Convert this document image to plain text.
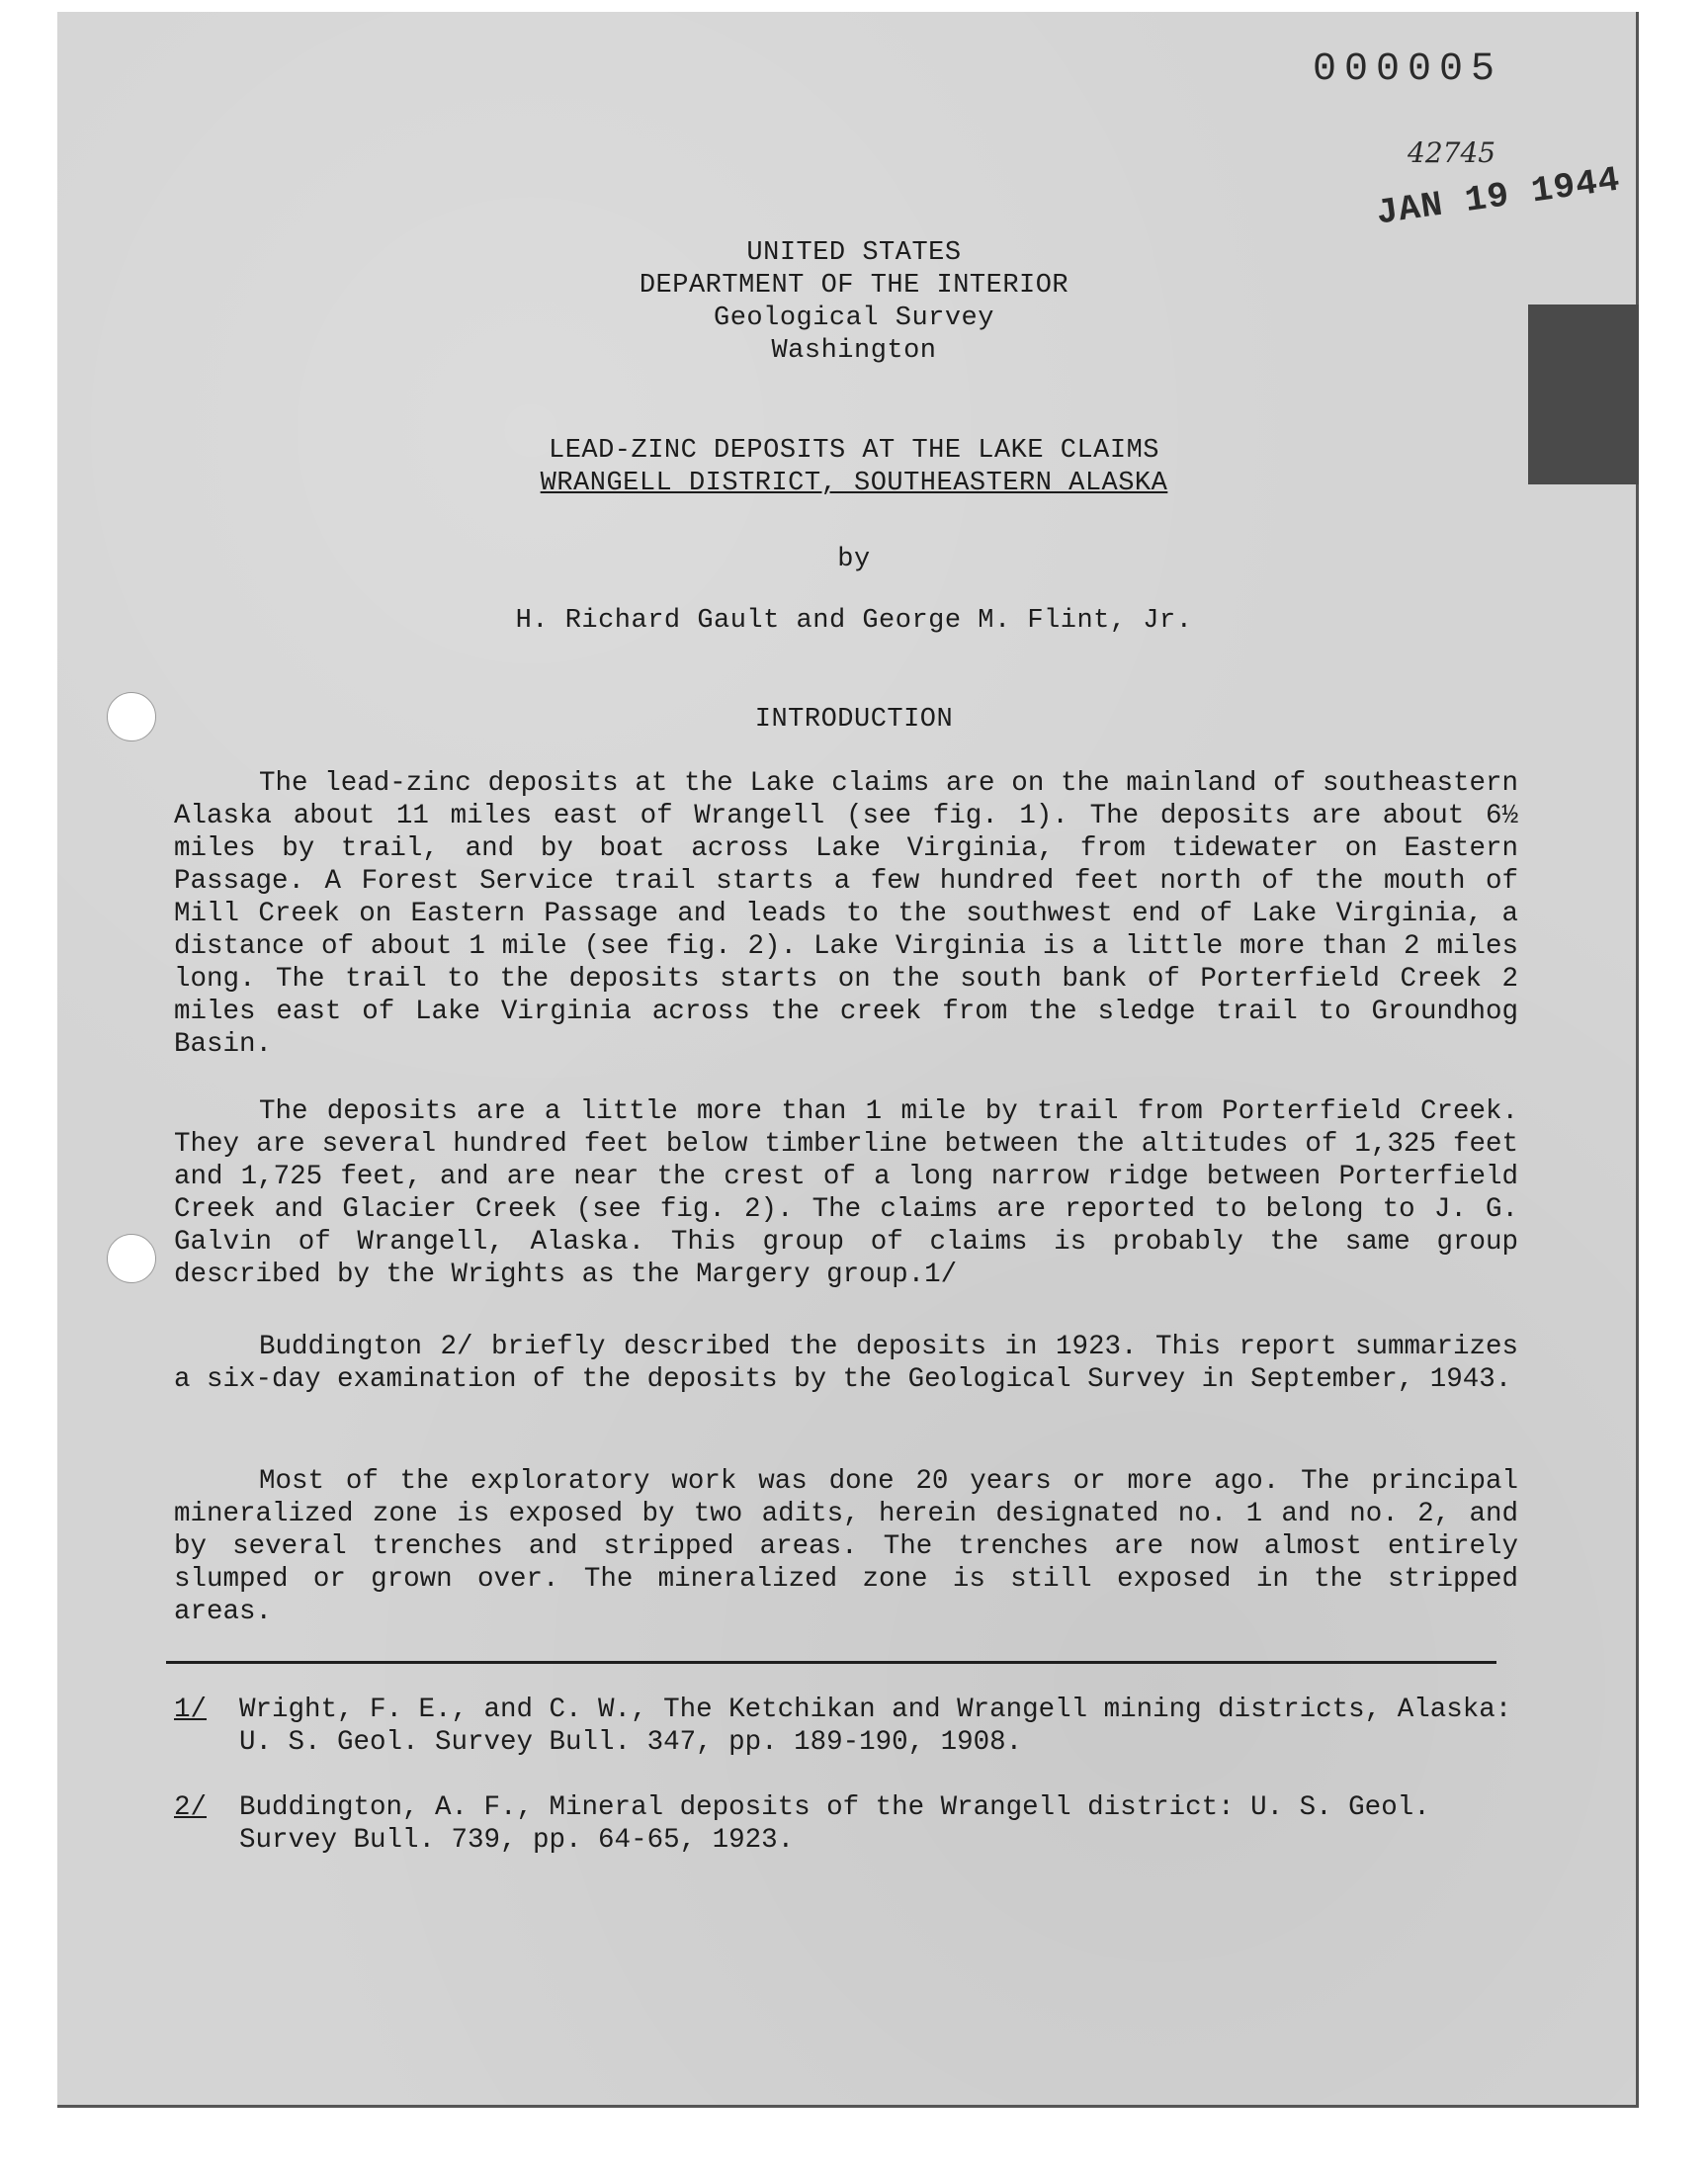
000005
42745
JAN 19 1944
UNITED STATES
DEPARTMENT OF THE INTERIOR
Geological Survey
Washington
LEAD-ZINC DEPOSITS AT THE LAKE CLAIMS
WRANGELL DISTRICT, SOUTHEASTERN ALASKA
by
H. Richard Gault and George M. Flint, Jr.
INTRODUCTION

The lead-zinc deposits at the Lake claims are on the mainland of southeastern Alaska about 11 miles east of Wrangell (see fig. 1). The deposits are about 6½ miles by trail, and by boat across Lake Virginia, from tidewater on Eastern Passage. A Forest Service trail starts a few hundred feet north of the mouth of Mill Creek on Eastern Passage and leads to the southwest end of Lake Virginia, a distance of about 1 mile (see fig. 2). Lake Virginia is a little more than 2 miles long. The trail to the deposits starts on the south bank of Porterfield Creek 2 miles east of Lake Virginia across the creek from the sledge trail to Groundhog Basin.

The deposits are a little more than 1 mile by trail from Porterfield Creek. They are several hundred feet below timberline between the altitudes of 1,325 feet and 1,725 feet, and are near the crest of a long narrow ridge between Porterfield Creek and Glacier Creek (see fig. 2). The claims are reported to belong to J. G. Galvin of Wrangell, Alaska. This group of claims is probably the same group described by the Wrights as the Margery group.1/

Buddington 2/ briefly described the deposits in 1923. This report summarizes a six-day examination of the deposits by the Geological Survey in September, 1943.

Most of the exploratory work was done 20 years or more ago. The principal mineralized zone is exposed by two adits, herein designated no. 1 and no. 2, and by several trenches and stripped areas. The trenches are now almost entirely slumped or grown over. The mineralized zone is still exposed in the stripped areas.

1/	Wright, F. E., and C. W., The Ketchikan and Wrangell mining districts, Alaska: U. S. Geol. Survey Bull. 347, pp. 189-190, 1908.
2/	Buddington, A. F., Mineral deposits of the Wrangell district: U. S. Geol. Survey Bull. 739, pp. 64-65, 1923.
